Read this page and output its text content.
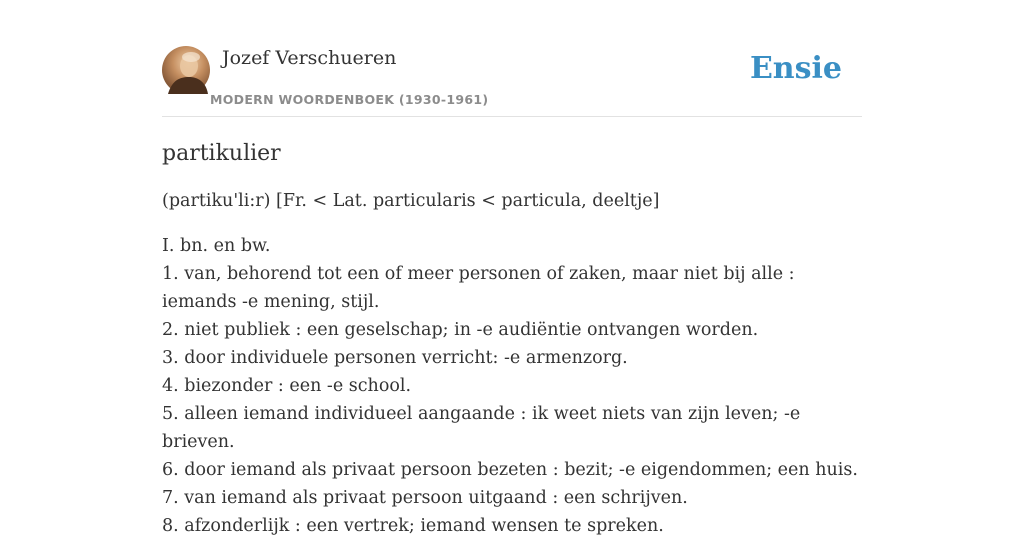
Jozef Verschueren
MODERN WOORDENBOEK (1930-1961)
Ensie
partikulier

(partiku'li:r) [Fr. < Lat. particularis < particula, deeltje]

I. bn. en bw.
1. van, behorend tot een of meer personen of zaken, maar niet bij alle : iemands -e mening, stijl.
2. niet publiek : een geselschap; in -e audiëntie ontvangen worden.
3. door individuele personen verricht: -e armenzorg.
4. biezonder : een -e school.
5. alleen iemand individueel aangaande : ik weet niets van zijn leven; -e brieven.
6. door iemand als privaat persoon bezeten : bezit; -e eigendommen; een huis.
7. van iemand als privaat persoon uitgaand : een schrijven.
8. afzonderlijk : een vertrek; iemand wensen te spreken.
